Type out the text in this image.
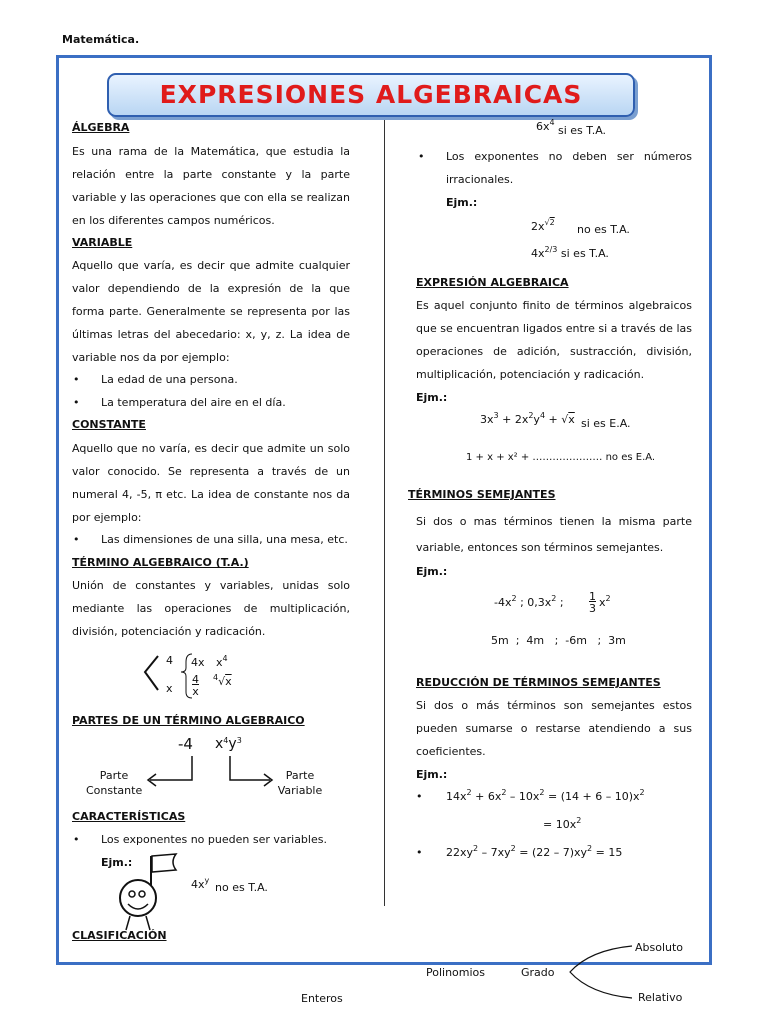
Matemática.
EXPRESIONES ALGEBRAICAS
ÁLGEBRA
Es una rama de la Matemática, que estudia la relación entre la parte constante y la parte variable y las operaciones que con ella se realizan en los diferentes campos numéricos.
VARIABLE
Aquello que varía, es decir que admite cualquier valor dependiendo de la expresión de la que forma parte. Generalmente se representa por las últimas letras del abecedario: x, y, z. La idea de variable nos da por ejemplo:
• La edad de una persona.
• La temperatura del aire en el día.
CONSTANTE
Aquello que no varía, es decir que admite un solo valor conocido. Se representa a través de un numeral 4, -5, π etc. La idea de constante nos da por ejemplo:
• Las dimensiones de una silla, una mesa, etc.
TÉRMINO ALGEBRAICO (T.A.)
Unión de constantes y variables, unidas solo mediante las operaciones de multiplicación, división, potenciación y radicación.
4
x
4x $x^4$
4
x
$^4$√x
PARTES DE UN TÉRMINO ALGEBRAICO
-4 $x^4y^3$
Parte
Constante
Parte
Variable
CARACTERÍSTICAS
• Los exponentes no pueden ser variables.
Ejm.:
$4x^y$
no es T.A.
CLASIFICACIÓN
$6x^4$
si es T.A.
• Los exponentes no deben ser números irracionales.
Ejm.:
$2x^{√2}$
no es T.A.
$4x^{2/3}$ si es T.A.
EXPRESIÓN ALGEBRAICA
Es aquel conjunto finito de términos algebraicos que se encuentran ligados entre si a través de las operaciones de adición, sustracción, división, multiplicación, potenciación y radicación.
Ejm.:
$3x^3 + 2x^2y^4 + √x$ si es E.A.
1 + x + x² + ………………… no es E.A.
TÉRMINOS SEMEJANTES
Si dos o mas términos tienen la misma parte variable, entonces son términos semejantes.
Ejm.:
$-4x^2$ ; $0,3x^2$ ; 1
3 $x^2$
5m  ;  4m   ;  -6m   ;  3m
REDUCCIÓN DE TÉRMINOS SEMEJANTES
Si dos o más términos son semejantes estos pueden sumarse o restarse atendiendo a sus coeficientes.
Ejm.:
• $14x^2 + 6x^2 - 10x^2 = (14 + 6 - 10)x^2$
= $10x^2$
• $22xy^2 - 7xy^2 = (22 - 7)xy^2 = 15$
Absoluto
Polinomios	Grado
Enteros	Relativo
